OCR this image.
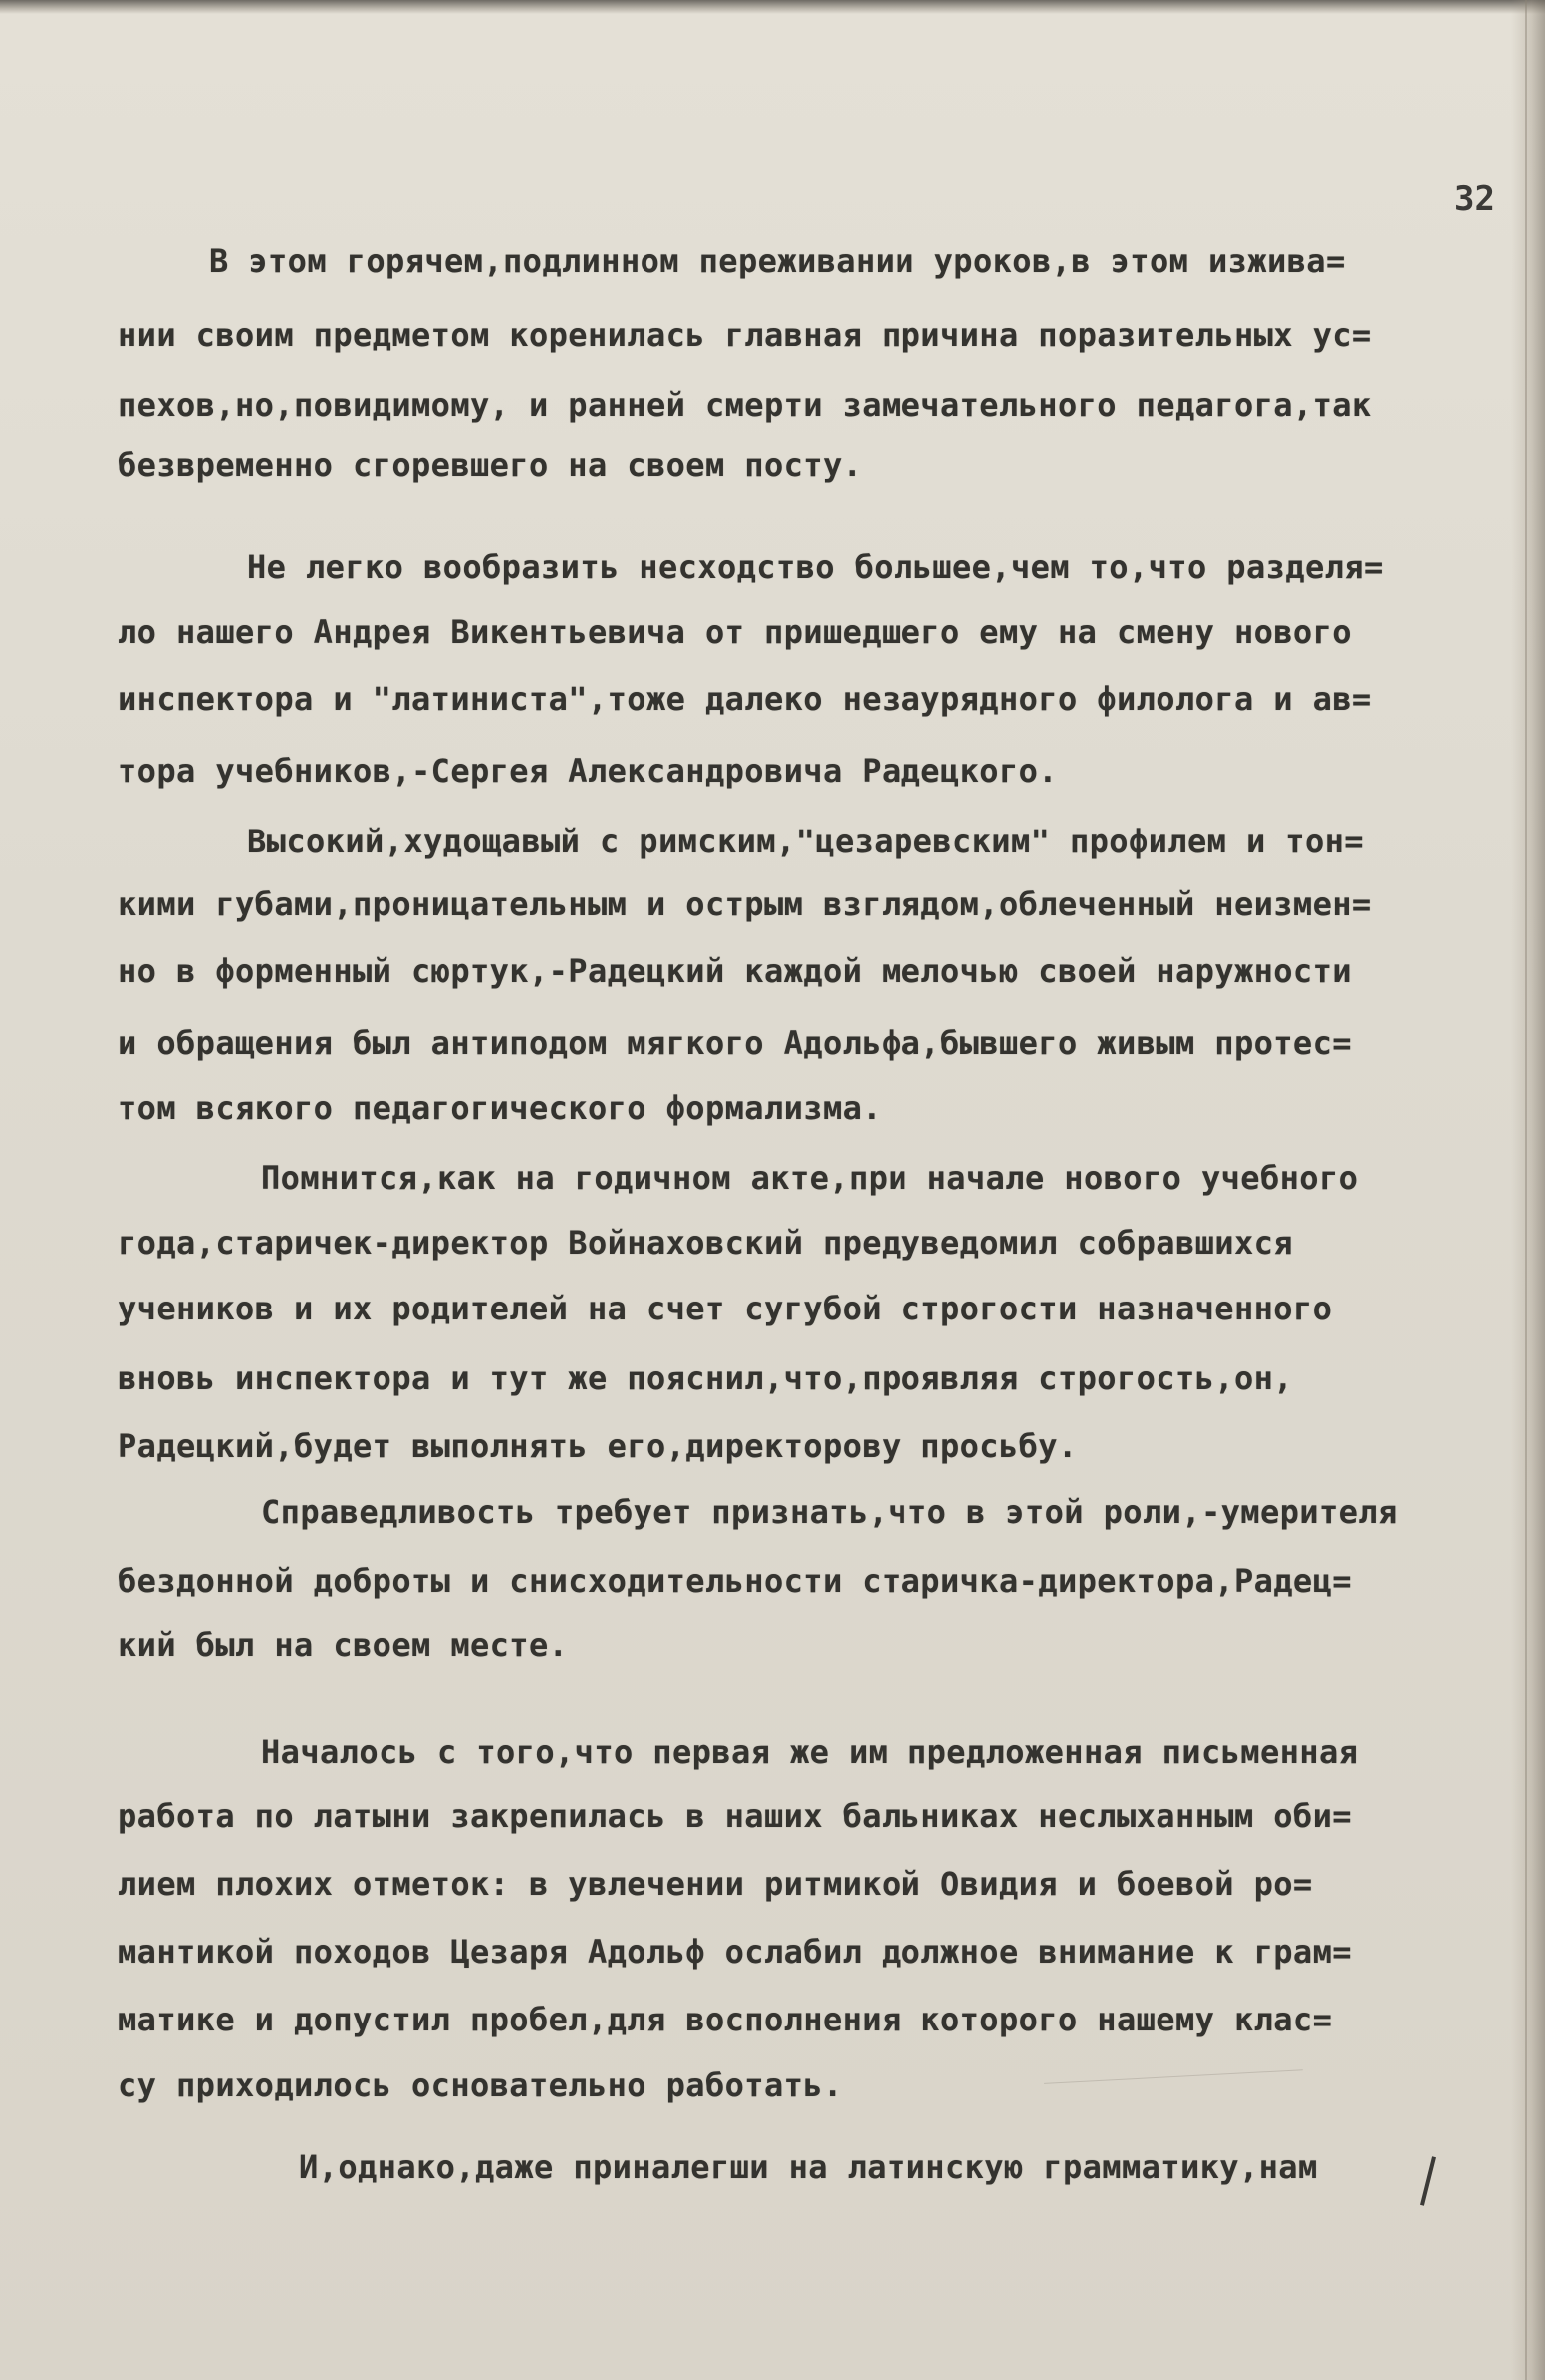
32
В этом горячем,подлинном переживании уроков,в этом изжива=
нии своим предметом коренилась главная причина поразительных ус=
пехов,но,повидимому, и ранней смерти замечательного педагога,так
безвременно сгоревшего на своем посту.
Не легко вообразить несходство большее,чем то,что разделя=
ло нашего Андрея Викентьевича от пришедшего ему на смену нового
инспектора и "латиниста",тоже далеко незаурядного филолога и ав=
тора учебников,-Сергея Александровича Радецкого.
Высокий,худощавый с римским,"цезаревским" профилем и тон=
кими губами,проницательным и острым взглядом,облеченный неизмен=
но в форменный сюртук,-Радецкий каждой мелочью своей наружности
и обращения был антиподом мягкого Адольфа,бывшего живым протес=
том всякого педагогического формализма.
Помнится,как на годичном акте,при начале нового учебного
года,старичек-директор Войнаховский предуведомил собравшихся
учеников и их родителей на счет сугубой строгости назначенного
вновь инспектора и тут же пояснил,что,проявляя строгость,он,
Радецкий,будет выполнять его,директорову просьбу.
Справедливость требует признать,что в этой роли,-умерителя
бездонной доброты и снисходительности старичка-директора,Радец=
кий был на своем месте.
Началось с того,что первая же им предложенная письменная
работа по латыни закрепилась в наших бальниках неслыханным оби=
лием плохих отметок: в увлечении ритмикой Овидия и боевой ро=
мантикой походов Цезаря Адольф ослабил должное внимание к грам=
матике и допустил пробел,для восполнения которого нашему клас=
су приходилось основательно работать.
И,однако,даже приналегши на латинскую грамматику,нам
